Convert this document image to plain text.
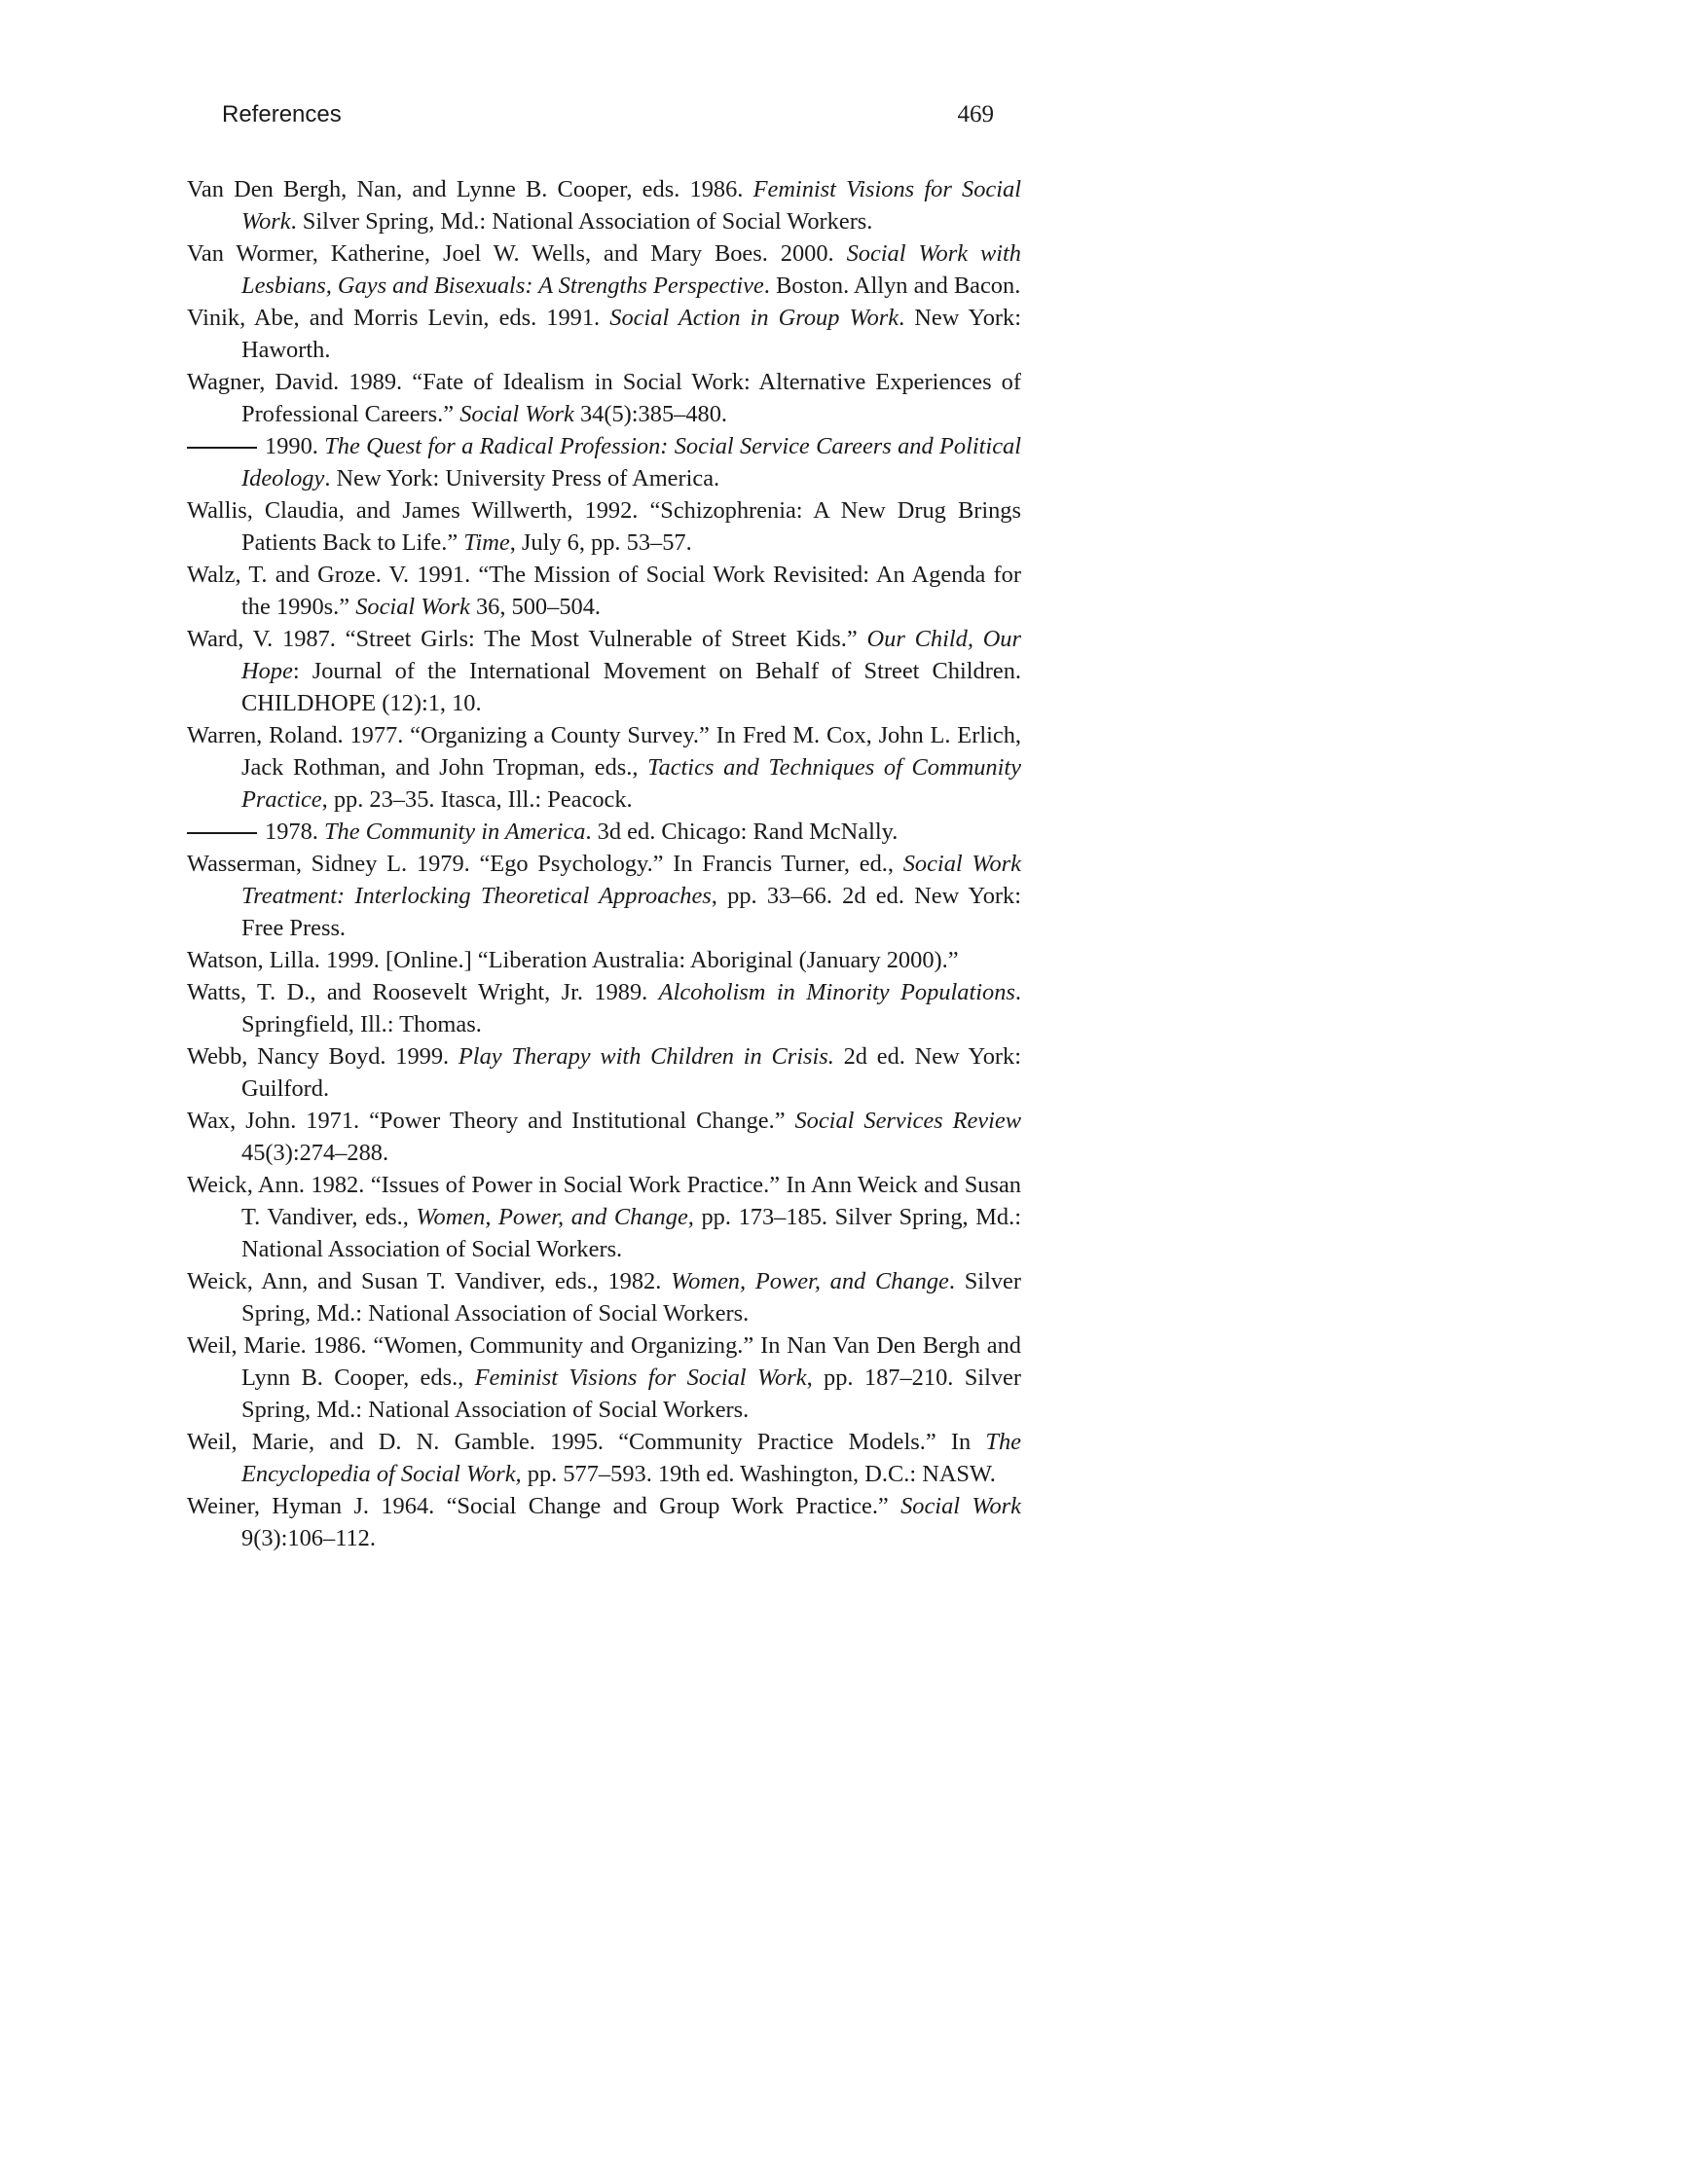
References	469

Van Den Bergh, Nan, and Lynne B. Cooper, eds. 1986. Feminist Visions for Social Work. Silver Spring, Md.: National Association of Social Workers.

Van Wormer, Katherine, Joel W. Wells, and Mary Boes. 2000. Social Work with Lesbians, Gays and Bisexuals: A Strengths Perspective. Boston. Allyn and Bacon.

Vinik, Abe, and Morris Levin, eds. 1991. Social Action in Group Work. New York: Haworth.

Wagner, David. 1989. “Fate of Idealism in Social Work: Alternative Experiences of Professional Careers.” Social Work 34(5):385–480.

1990. The Quest for a Radical Profession: Social Service Careers and Political Ideology. New York: University Press of America.

Wallis, Claudia, and James Willwerth, 1992. “Schizophrenia: A New Drug Brings Patients Back to Life.” Time, July 6, pp. 53–57.

Walz, T. and Groze. V. 1991. “The Mission of Social Work Revisited: An Agenda for the 1990s.” Social Work 36, 500–504.

Ward, V. 1987. “Street Girls: The Most Vulnerable of Street Kids.” Our Child, Our Hope: Journal of the International Movement on Behalf of Street Children. CHILDHOPE (12):1, 10.

Warren, Roland. 1977. “Organizing a County Survey.” In Fred M. Cox, John L. Erlich, Jack Rothman, and John Tropman, eds., Tactics and Techniques of Community Practice, pp. 23–35. Itasca, Ill.: Peacock.

1978. The Community in America. 3d ed. Chicago: Rand McNally.

Wasserman, Sidney L. 1979. “Ego Psychology.” In Francis Turner, ed., Social Work Treatment: Interlocking Theoretical Approaches, pp. 33–66. 2d ed. New York: Free Press.

Watson, Lilla. 1999. [Online.] “Liberation Australia: Aboriginal (January 2000).”

Watts, T. D., and Roosevelt Wright, Jr. 1989. Alcoholism in Minority Populations. Springfield, Ill.: Thomas.

Webb, Nancy Boyd. 1999. Play Therapy with Children in Crisis. 2d ed. New York: Guilford.

Wax, John. 1971. “Power Theory and Institutional Change.” Social Services Review 45(3):274–288.

Weick, Ann. 1982. “Issues of Power in Social Work Practice.” In Ann Weick and Susan T. Vandiver, eds., Women, Power, and Change, pp. 173–185. Silver Spring, Md.: National Association of Social Workers.

Weick, Ann, and Susan T. Vandiver, eds., 1982. Women, Power, and Change. Silver Spring, Md.: National Association of Social Workers.

Weil, Marie. 1986. “Women, Community and Organizing.” In Nan Van Den Bergh and Lynn B. Cooper, eds., Feminist Visions for Social Work, pp. 187–210. Silver Spring, Md.: National Association of Social Workers.

Weil, Marie, and D. N. Gamble. 1995. “Community Practice Models.” In The Encyclopedia of Social Work, pp. 577–593. 19th ed. Washington, D.C.: NASW.

Weiner, Hyman J. 1964. “Social Change and Group Work Practice.” Social Work 9(3):106–112.
